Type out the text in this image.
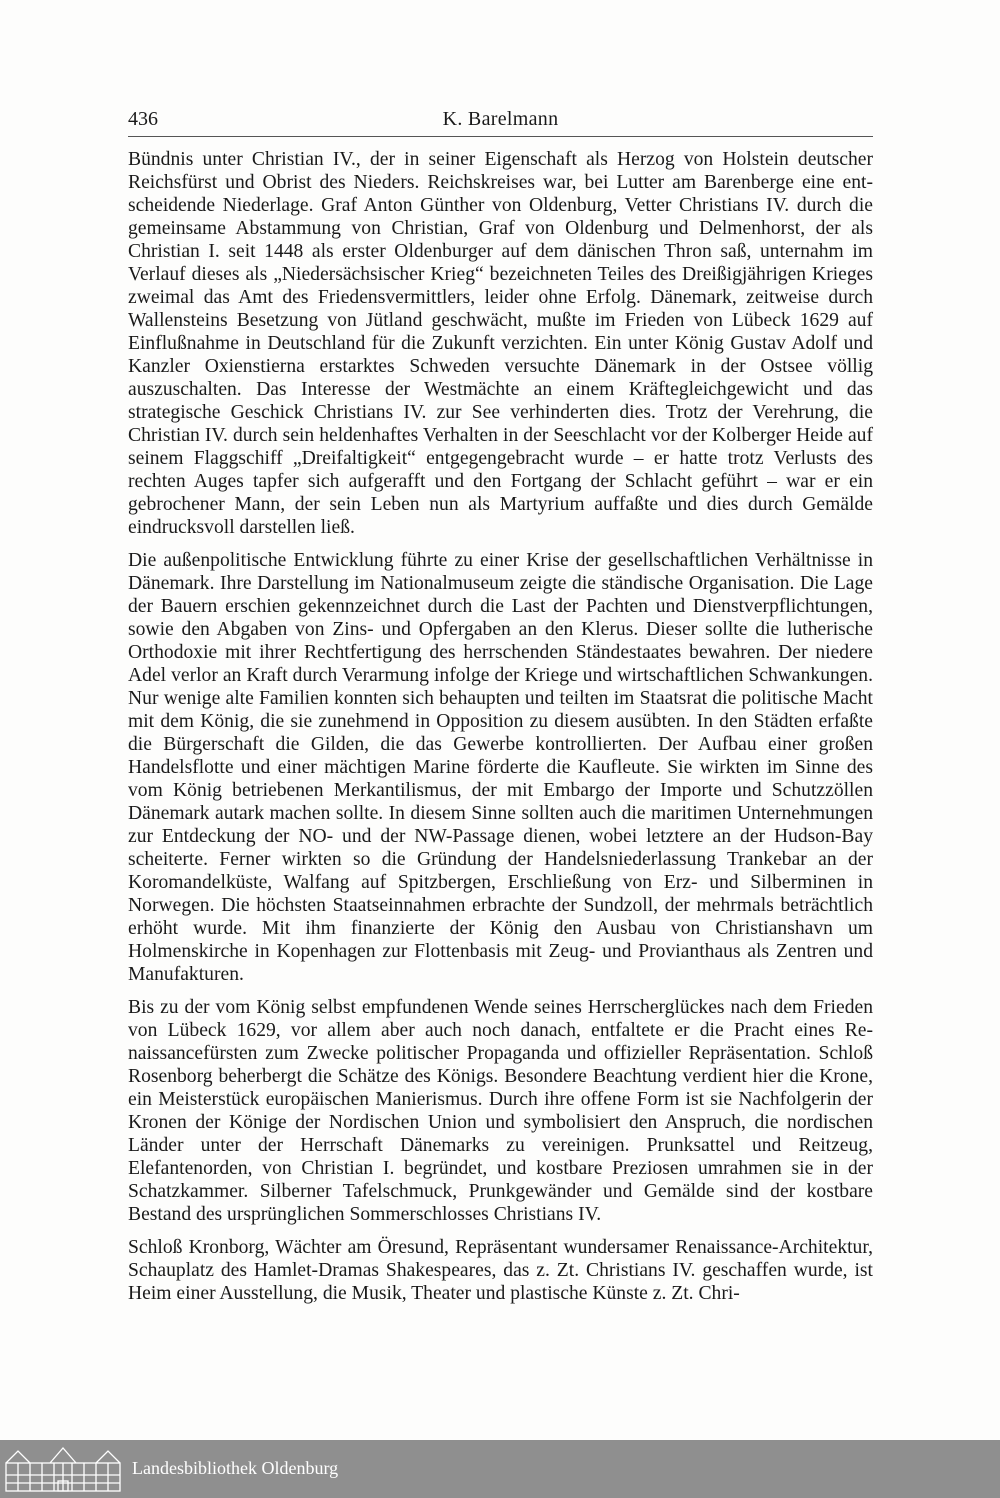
436	K. Barelmann

Bündnis unter Christian IV., der in seiner Eigenschaft als Herzog von Holstein deutscher Reichsfürst und Obrist des Nieders. Reichskreises war, bei Lutter am Barenberge eine entscheidende Niederlage. Graf Anton Günther von Oldenburg, Vetter Christians IV. durch die gemeinsame Abstammung von Christian, Graf von Oldenburg und Delmenhorst, der als Christian I. seit 1448 als erster Oldenburger auf dem dänischen Thron saß, unternahm im Verlauf dieses als „Niedersächsischer Krieg“ bezeichneten Teiles des Dreißigjährigen Krieges zweimal das Amt des Friedensvermittlers, leider ohne Erfolg. Dänemark, zeitweise durch Wallensteins Besetzung von Jütland geschwächt, mußte im Frieden von Lübeck 1629 auf Einflußnahme in Deutschland für die Zukunft verzichten. Ein unter König Gustav Adolf und Kanzler Oxienstierna erstarktes Schweden versuchte Dänemark in der Ostsee völlig auszuschalten. Das Interesse der Westmächte an einem Kräftegleichgewicht und das strategische Geschick Christians IV. zur See verhinderten dies. Trotz der Verehrung, die Christian IV. durch sein heldenhaftes Verhalten in der Seeschlacht vor der Kolberger Heide auf seinem Flaggschiff „Dreifaltigkeit“ entgegengebracht wurde – er hatte trotz Verlusts des rechten Auges tapfer sich aufgerafft und den Fortgang der Schlacht geführt – war er ein gebrochener Mann, der sein Leben nun als Martyrium auffaßte und dies durch Gemälde eindrucksvoll darstellen ließ.

Die außenpolitische Entwicklung führte zu einer Krise der gesellschaftlichen Verhältnisse in Dänemark. Ihre Darstellung im Nationalmuseum zeigte die ständische Organisation. Die Lage der Bauern erschien gekennzeichnet durch die Last der Pachten und Dienstverpflichtungen, sowie den Abgaben von Zins- und Opfergaben an den Klerus. Dieser sollte die lutherische Orthodoxie mit ihrer Rechtfertigung des herrschenden Ständestaates bewahren. Der niedere Adel verlor an Kraft durch Verarmung infolge der Kriege und wirtschaftlichen Schwankungen. Nur wenige alte Familien konnten sich behaupten und teilten im Staatsrat die politische Macht mit dem König, die sie zunehmend in Opposition zu diesem ausübten. In den Städten erfaßte die Bürgerschaft die Gilden, die das Gewerbe kontrollierten. Der Aufbau einer großen Handelsflotte und einer mächtigen Marine förderte die Kaufleute. Sie wirkten im Sinne des vom König betriebenen Merkantilismus, der mit Embargo der Importe und Schutzzöllen Dänemark autark machen sollte. In diesem Sinne sollten auch die maritimen Unternehmungen zur Entdeckung der NO- und der NW-Passage dienen, wobei letztere an der Hudson-Bay scheiterte. Ferner wirkten so die Gründung der Handelsniederlassung Trankebar an der Koromandelküste, Walfang auf Spitzbergen, Erschließung von Erz- und Silberminen in Norwegen. Die höchsten Staatseinnahmen erbrachte der Sundzoll, der mehrmals beträchtlich erhöht wurde. Mit ihm finanzierte der König den Ausbau von Christianshavn um Holmenskirche in Kopenhagen zur Flottenbasis mit Zeug- und Provianthaus als Zentren und Manufakturen.

Bis zu der vom König selbst empfundenen Wende seines Herrscherglückes nach dem Frieden von Lübeck 1629, vor allem aber auch noch danach, entfaltete er die Pracht eines Renaissancefürsten zum Zwecke politischer Propaganda und offizieller Repräsentation. Schloß Rosenborg beherbergt die Schätze des Königs. Besondere Beachtung verdient hier die Krone, ein Meisterstück europäischen Manierismus. Durch ihre offene Form ist sie Nachfolgerin der Kronen der Könige der Nordischen Union und symbolisiert den Anspruch, die nordischen Länder unter der Herrschaft Dänemarks zu vereinigen. Prunksattel und Reitzeug, Elefantenorden, von Christian I. begründet, und kostbare Preziosen umrahmen sie in der Schatzkammer. Silberner Tafelschmuck, Prunkgewänder und Gemälde sind der kostbare Bestand des ursprünglichen Sommerschlosses Christians IV.

Schloß Kronborg, Wächter am Öresund, Repräsentant wundersamer Renaissance-Architektur, Schauplatz des Hamlet-Dramas Shakespeares, das z. Zt. Christians IV. geschaffen wurde, ist Heim einer Ausstellung, die Musik, Theater und plastische Künste z. Zt. Chri-

Landesbibliothek Oldenburg
